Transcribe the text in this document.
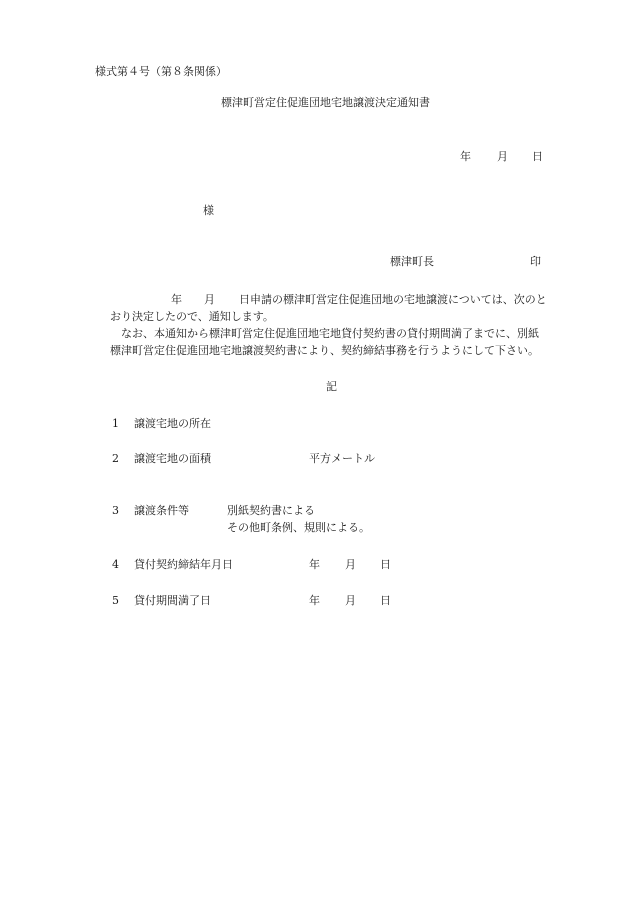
様式第４号（第８条関係）
標津町営定住促進団地宅地譲渡決定通知書
年 月 日
様
標津町長	印
年 月 日申請の標津町営定住促進団地の宅地譲渡については、次のと
おり決定したので、通知します。
なお、本通知から標津町営定住促進団地宅地貸付契約書の貸付期間満了までに、別紙
標津町営定住促進団地宅地譲渡契約書により、契約締結事務を行うようにして下さい。
記
1 譲渡宅地の所在
2 譲渡宅地の面積	平方メートル
3 譲渡条件等	別紙契約書による
その他町条例、規則による。
4 貸付契約締結年月日	年 月 日
5 貸付期間満了日	年 月 日
